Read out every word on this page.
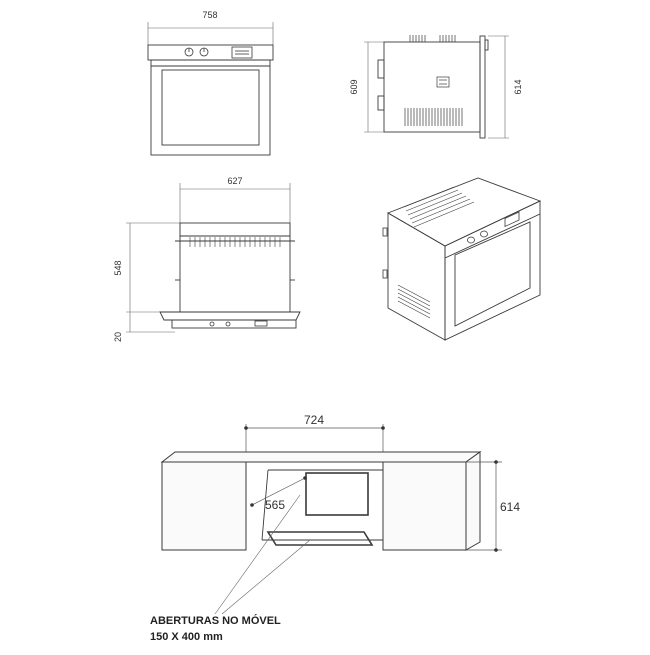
758
609	614
627
548
20
724
565	614
ABERTURAS NO MÓVEL
150 X 400 mm
